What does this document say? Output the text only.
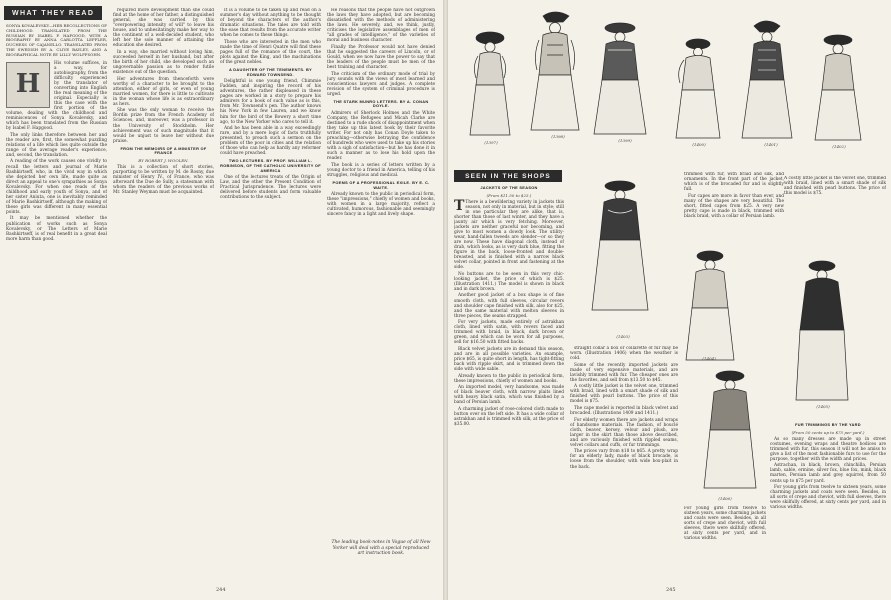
WHAT THEY READ

SONYA KOVALEVSKY—HER RECOLLECTIONS OF CHILDHOOD. TRANSLATED FROM THE RUSSIAN BY ISABEL F. HAPGOOD, WITH A BIOGRAPHY BY ANNA CARLOTTA LEFFLER, DUCHESS OF CAJANELLO. TRANSLATED FROM THE SWEDISH BY A. CLIVE BAYLEY, AND A BIOGRAPHICAL NOTE BY LILLY WOLFFSOHN.

H

His volume suffices, in a way, for autobiography, from the difficulty experienced by the translator of converting into English the real meaning of the original. Especially is this the case with the first portion of the volume, dealing with the childhood and reminiscences of Sonya Kovalevsky, and which has been translated from the Russian by Isabel F. Hapgood.

The only links therefore between her and the reader are, first, the somewhat puzzling relations of a life which lies quite outside the range of the average reader's experience, and, second, the translation.

A reading of the work causes one vividly to recall the letters and journal of Marie Bashkirtseff, who, in the vivid way in which she depicted her own life, made quite as direct an appeal to one's sympathies as Sonya Kovalevsky. For when one reads of the childhood and early youth of Sonya, and of her sister Aniuta, one is inevitably reminded of Marie Bashkirtseff, although the making of these girls was different in many essential points.

It may be mentioned whether the publication of works such as Sonya Kovalevsky, or The Letters of Marie Bashkirtseff, is of real benefit in a great deal more harm than good.

required more development than she could find at the home of her father, a distinguished general, she was carried by this "overpowering intensity of will" to leave his house, and to unhesitatingly make her way to the continent of a well-decided student, who left her the sole manner of attaining the education she desired.

In a way, she married without loving him, succeeded herself in her husband, but after the birth of her child, she developed such an ungovernable passion as to render futile existence out of the question.

Her adventures from thenceforth were worthy of a character to be brought to the attention, either of girls, or even of young married women, for there is little to cultivate in the woman whose life is as extraordinary as hers.

She was the only woman to receive the Bordin prize from the French Academy of Sciences, and, moreover, was a professor in the University of Stockholm. Her achievement was of such magnitude that it would be unjust to leave her without due praise.

FROM THE MEMOIRS OF A MINISTER OF FRANCE
BY ROBERT J. WOOLEN.

This is a collection of short stories, purporting to be written by M. de Rosny, due minister of Henry IV., of France, who was afterward the Due de Sully, a statesman with whom the readers of the previous works of Mr. Stanley Weyman must be acquainted.

It is a volume to be taken up and read on a summer's day without anything to be thought of beyond the characters of the author's dramatic situations. The tales are told with the ease that results from the accurate writer when he comes to these things.

Those who are interested in the men who made the time of Henri Quatre will find these pages full of the romance of the court, the plots against the King, and the machinations of the great nobles.

A DAUGHTER OF THE TENEMENTS. BY EDWARD TOWNSEND.

Delightful is one young friend, Chimmie Fadden, and inspiring the record of his adventures, the rather displeased in these pages are worked in a story to prepare his admirers for a book of such value as is this, from Mr. Townsend's pen. The author knows his New York in few Lauren, and we know him for the bird of the Bowery a short time ago, to the New Yorker who cares to tell it.

And he has been able in a way exceedingly rare, and by a mere logic of facts truthfully presented, to preach such a sermon on the problem of the poor in cities and the relation of those who can help as hardly any reformer could have preached.

TWO LECTURES. BY PROF. WILLIAM L. ROBINSON, OF THE CATHOLIC UNIVERSITY OF AMERICA

One of the lectures treats of the Origin of Law, and the other the Present Condition of Practical Jurisprudence. The lectures were delivered before students and form valuable contributions to the subject.

He reasons that the people have not outgrown the laws they have adopted, but are becoming dissatisfied with the methods of administering the laws. He severely, and, we think, justly, criticises the legislative assemblages of men of "all grades of intelligence," of the varieties of moral and business character.

Finally the Professor would not have denied that he suggested the careers of Lincoln, or of Gould, when we now have the power to say that the leaders of the people must be men of the best training and character.

The criticism of the ordinary mode of trial by jury sounds with the views of most learned and conscientious lawyers and judges. A complete revision of the system of criminal procedure is urged.

THE STARK MUNRO LETTERS. BY A. CONAN DOYLE.

Admirers of Sherlock Holmes and the White Company, the Refugees and Micah Clarke are destined to a rude shock of disappointment when they take up this latest book by their favorite writer. For not only has Conan Doyle taken to preaching—otherwise betraying the confidence of hundreds who were used to take up his stories with a sigh of satisfaction—but he has done it in such a manner as to lose his hold upon the reader.

The book is a series of letters written by a young doctor to a friend in America, telling of his struggles, religious and medical.

POEMS OF A PROFESSIONAL EXILE. BY E. C. WAITE.

Already known to the public in periodical form, these "impressions," chiefly of women and books, with women in a large majority, reflect a cultivated, humorous, fashionable and seemingly sincere fancy in a light and lively shape.

The leading book-notes in Vogue of all New Yorker will deal with a special reproduced art instruction book.
244
(1397)
(1398)
(1399)
(1400)	(1401)	(1402)
SEEN IN THE SHOPS
JACKETS OF THE SEASON
(From $11.50 to $25.)

T There is a bewildering variety in jackets this season, not only in material, but in style; still in one particular they are alike, that is, shorter than those of last winter, and they have a jaunty air which is very fetching. Moreover, jackets are neither graceful nor becoming, and give to most women a dowdy look. The utility-wear, hand-fallen tweeds are slender—or so they are now. These have diagonal cloth, instead of drab, which looks, as is very dark blue, fitting the figure in the back, loose-fronted and double-breasted, and is finished with a narrow black velvet collar, pointed in front and fastening at the side.

No buttons are to be seen in this very chic-looking jacket, the price of which is $25. (Illustration 1411.) The model is shown in black and in dark brown.

Another good jacket of a box shape is of fine smooth cloth, with full sleeves, circular revers and shoulder cape finished with silk, also for $25, and the same material with melton sleeves in three pieces, the seams strapped.

For very jackets, made entirely of astrakhan cloth, lined with satin, with revers faced and trimmed with braid, in black, dark brown or green, and which can be worn for all purposes, sell for $16.50 with fitted backs.

Black velvet jackets are in demand this season, and are in all possible varieties. An example, price $65, is quite short in length, has tight-fitting back with ripple skirt, and is trimmed down the side with wide sable.

Already known to the public in periodical form, these impressions, chiefly of women and books.

An imported model, very handsome, was made of black beaver cloth, with narrow plaits lined with heavy black satin, which was finished by a band of Persian lamb.

A charming jacket of rose-colored cloth made to button over on the left side. It has a wide collar of astrakhan and is trimmed with silk, at the price of $35.00.

(1403)

straight collar a box or collarette of fur may be worn. (Illustration 1406) when the weather is cold.

Some of the recently imported jackets are made of very expensive materials, and are lavishly trimmed with fur. The cheaper ones are the favorites, and sell from $13.50 to $45.

A costly little jacket is the velvet one, trimmed with braid, lined with a smart shade of silk and finished with pearl buttons. The price of this model is $75.

The cape model is reported in black velvet and brocaded. (Illustrations 1409 and 1411.)

For elderly women there are jackets and wraps of handsome materials. The fashion, of bouclé cloth, beaver, kersey, velour and plush, are larger in the skirt than those above described, and are variously finished with rippled seams, velvet collars and cuffs, or fur trimmings.

The prices vary from $18 to $65. A pretty wrap for an elderly lady, made of black brocade, is loose from the shoulder, with wide box-plait in the back.

trimmed with fur, with braid and silk, and ornaments. In the front part of the jacket, which is of the brocaded fur and is slightly full.

Fur capes are more in favor than ever, and many of the shapes are very beautiful. The short, fitted capes from $25. A very new pretty cape is made in black, trimmed with black braid, with a collar of Persian lamb.

(1404)
(1405)
(1406)

A costly little jacket is the velvet one, trimmed with braid, lined with a smart shade of silk and finished with pearl buttons. The price of this model is $75.

FUR TRIMMINGS BY THE YARD
(From 50 cents up to $75 per yard.)

As so many dresses are made up in street costumes, evening wraps and theatre bodices are trimmed with fur, this season it will not be amiss to give a list of the most fashionable furs to use for the purpose, together with the width and prices.

Astrachan, in black, brown, chinchilla, Persian lamb, sable, ermine, silver fox, blue fox, mink, black marten, Persian lamb and grey squirrel, from 50 cents up to $75 per yard.

For young girls from twelve to sixteen years, some charming jackets and coats were seen. Besides, in all sorts of crepe and cheviot, with full sleeves, there were skilfully offered, at sixty cents per yard, and in various widths.

For young girls from twelve to sixteen years, some charming jackets and coats were seen. Besides, in all sorts of crepe and cheviot, with full sleeves, there were skilfully offered, at sixty cents per yard, and in various widths.

245
